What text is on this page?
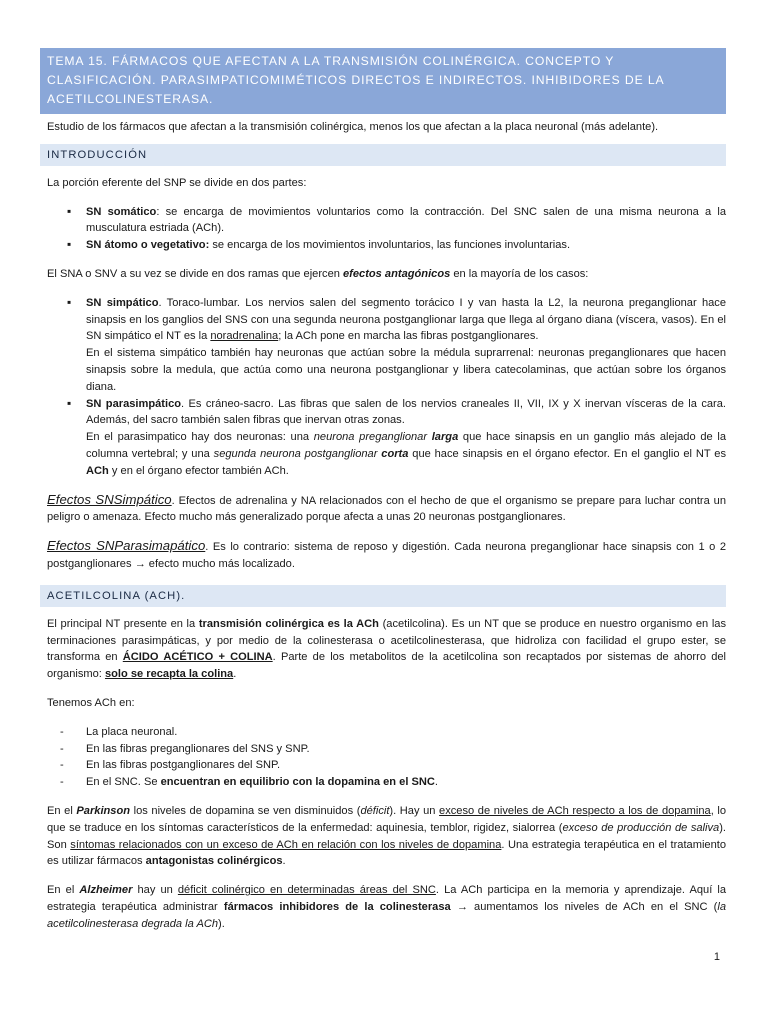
TEMA 15. FÁRMACOS QUE AFECTAN A LA TRANSMISIÓN COLINÉRGICA. CONCEPTO Y CLASIFICACIÓN. PARASIMPATICOMIMÉTICOS DIRECTOS E INDIRECTOS. INHIBIDORES DE LA ACETILCOLINESTERASA.

Estudio de los fármacos que afectan a la transmisión colinérgica, menos los que afectan a la placa neuronal (más adelante).

INTRODUCCIÓN

La porción eferente del SNP se divide en dos partes:

▪ SN somático: se encarga de movimientos voluntarios como la contracción. Del SNC salen de una misma neurona a la musculatura estriada (ACh).
▪ SN átomo o vegetativo: se encarga de los movimientos involuntarios, las funciones involuntarias.

El SNA o SNV a su vez se divide en dos ramas que ejercen efectos antagónicos en la mayoría de los casos:

▪ SN simpático. Toraco-lumbar. Los nervios salen del segmento torácico I y van hasta la L2, la neurona preganglionar hace sinapsis en los ganglios del SNS con una segunda neurona postganglionar larga que llega al órgano diana (víscera, vasos). En el SN simpático el NT es la noradrenalina; la ACh pone en marcha las fibras postganglionares.
En el sistema simpático también hay neuronas que actúan sobre la médula suprarrenal: neuronas preganglionares que hacen sinapsis sobre la medula, que actúa como una neurona postganglionar y libera catecolaminas, que actúan sobre los órganos diana.
▪ SN parasimpático. Es cráneo-sacro. Las fibras que salen de los nervios craneales II, VII, IX y X inervan vísceras de la cara. Además, del sacro también salen fibras que inervan otras zonas.
En el parasimpatico hay dos neuronas: una neurona preganglionar larga que hace sinapsis en un ganglio más alejado de la columna vertebral; y una segunda neurona postganglionar corta que hace sinapsis en el órgano efector. En el ganglio el NT es ACh y en el órgano efector también ACh.

Efectos SNSimpático. Efectos de adrenalina y NA relacionados con el hecho de que el organismo se prepare para luchar contra un peligro o amenaza. Efecto mucho más generalizado porque afecta a unas 20 neuronas postganglionares.

Efectos SNParasimapático. Es lo contrario: sistema de reposo y digestión. Cada neurona preganglionar hace sinapsis con 1 o 2 postganglionares → efecto mucho más localizado.

ACETILCOLINA (ACH).

El principal NT presente en la transmisión colinérgica es la ACh (acetilcolina). Es un NT que se produce en nuestro organismo en las terminaciones parasimpáticas, y por medio de la colinesterasa o acetilcolinesterasa, que hidroliza con facilidad el grupo ester, se transforma en ÁCIDO ACÉTICO + COLINA. Parte de los metabolitos de la acetilcolina son recaptados por sistemas de ahorro del organismo: solo se recapta la colina.

Tenemos ACh en:

- La placa neuronal.
- En las fibras preganglionares del SNS y SNP.
- En las fibras postganglionares del SNP.
- En el SNC. Se encuentran en equilibrio con la dopamina en el SNC.

En el Parkinson los niveles de dopamina se ven disminuidos (déficit). Hay un exceso de niveles de ACh respecto a los de dopamina, lo que se traduce en los síntomas característicos de la enfermedad: aquinesia, temblor, rigidez, sialorrea (exceso de producción de saliva). Son síntomas relacionados con un exceso de ACh en relación con los niveles de dopamina. Una estrategia terapéutica en el tratamiento es utilizar fármacos antagonistas colinérgicos.

En el Alzheimer hay un déficit colinérgico en determinadas áreas del SNC. La ACh participa en la memoria y aprendizaje. Aquí la estrategia terapéutica administrar fármacos inhibidores de la colinesterasa → aumentamos los niveles de ACh en el SNC (la acetilcolinesterasa degrada la ACh).

1
